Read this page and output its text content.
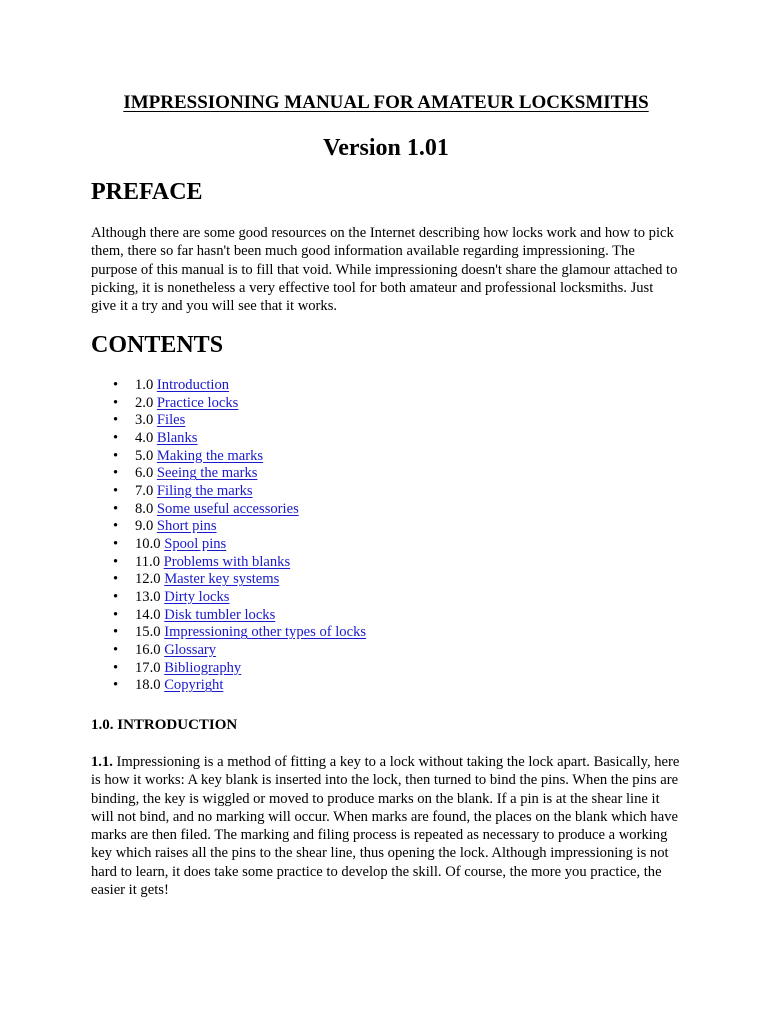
IMPRESSIONING MANUAL FOR AMATEUR LOCKSMITHS
Version 1.01
PREFACE

Although there are some good resources on the Internet describing how locks work and how to pick them, there so far hasn't been much good information available regarding impressioning. The purpose of this manual is to fill that void. While impressioning doesn't share the glamour attached to picking, it is nonetheless a very effective tool for both amateur and professional locksmiths. Just give it a try and you will see that it works.

CONTENTS
• 1.0 Introduction
• 2.0 Practice locks
• 3.0 Files
• 4.0 Blanks
• 5.0 Making the marks
• 6.0 Seeing the marks
• 7.0 Filing the marks
• 8.0 Some useful accessories
• 9.0 Short pins
• 10.0 Spool pins
• 11.0 Problems with blanks
• 12.0 Master key systems
• 13.0 Dirty locks
• 14.0 Disk tumbler locks
• 15.0 Impressioning other types of locks
• 16.0 Glossary
• 17.0 Bibliography
• 18.0 Copyright
1.0. INTRODUCTION

1.1. Impressioning is a method of fitting a key to a lock without taking the lock apart. Basically, here is how it works: A key blank is inserted into the lock, then turned to bind the pins. When the pins are binding, the key is wiggled or moved to produce marks on the blank. If a pin is at the shear line it will not bind, and no marking will occur. When marks are found, the places on the blank which have marks are then filed. The marking and filing process is repeated as necessary to produce a working key which raises all the pins to the shear line, thus opening the lock. Although impressioning is not hard to learn, it does take some practice to develop the skill. Of course, the more you practice, the easier it gets!
